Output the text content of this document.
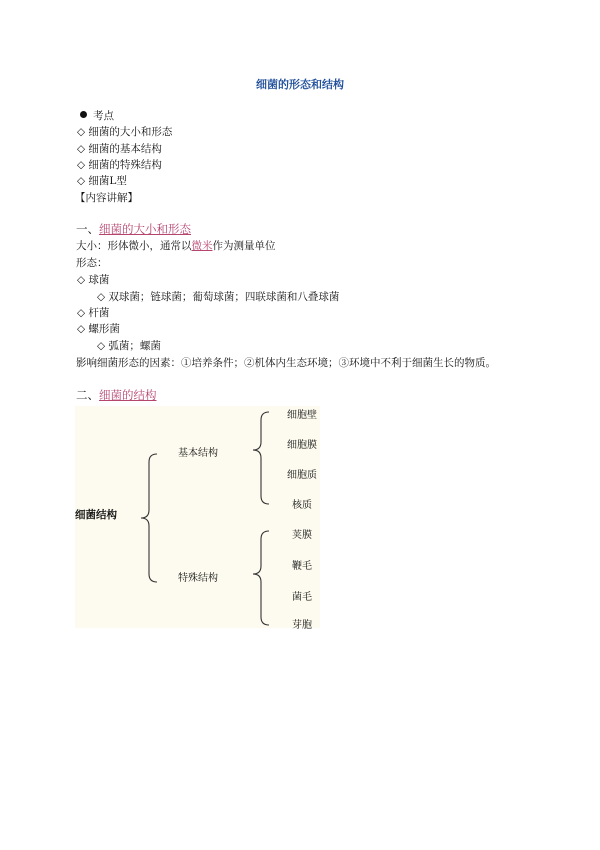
细菌的形态和结构
考点
◇ 细菌的大小和形态
◇ 细菌的基本结构
◇ 细菌的特殊结构
◇ 细菌L型
【内容讲解】
一、细菌的大小和形态
大小：形体微小，通常以微米作为测量单位
形态：
◇ 球菌
◇ 双球菌；链球菌；葡萄球菌；四联球菌和八叠球菌
◇ 杆菌
◇ 螺形菌
◇ 弧菌；螺菌
影响细菌形态的因素：①培养条件；②机体内生态环境；③环境中不利于细菌生长的物质。
二、细菌的结构
细菌结构
基本结构
特殊结构
细胞壁
细胞膜
细胞质
核质
荚膜
鞭毛
菌毛
芽胞
